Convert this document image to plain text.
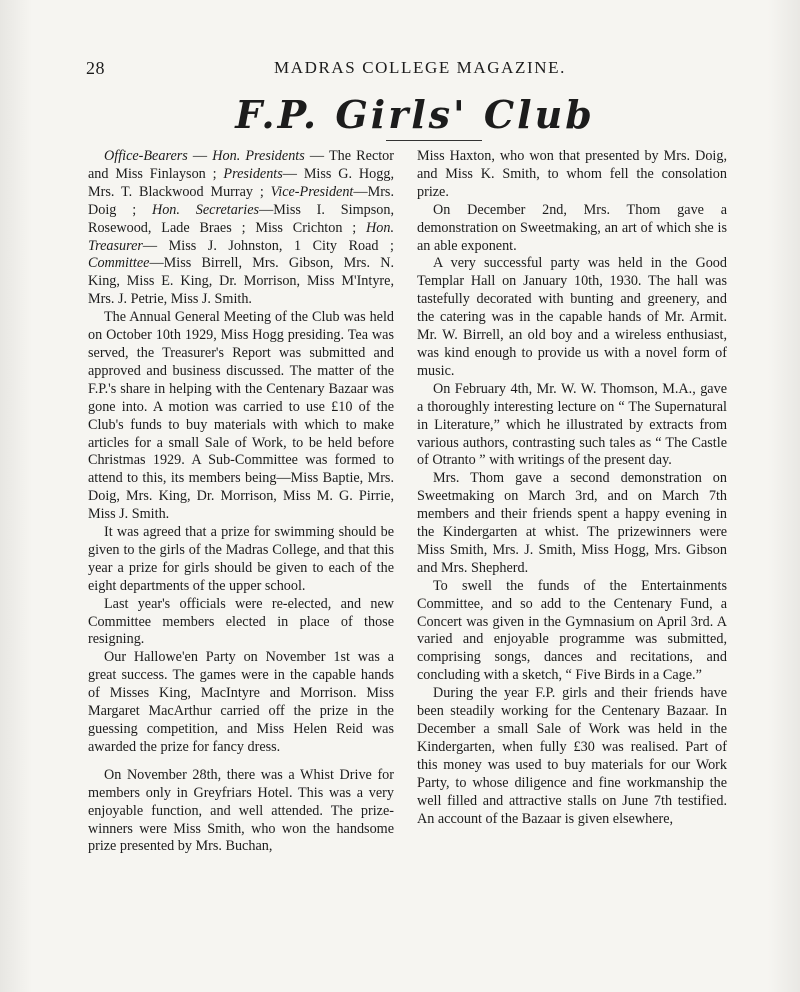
28	MADRAS COLLEGE MAGAZINE.
F.P. Girls' Club

Office-Bearers — Hon. Presidents — The Rector and Miss Finlayson ; Presidents— Miss G. Hogg, Mrs. T. Blackwood Murray ; Vice-President—Mrs. Doig ; Hon. Secretaries—Miss I. Simpson, Rosewood, Lade Braes ; Miss Crichton ; Hon. Treasurer— Miss J. Johnston, 1 City Road ; Committee—Miss Birrell, Mrs. Gibson, Mrs. N. King, Miss E. King, Dr. Morrison, Miss M'Intyre, Mrs. J. Petrie, Miss J. Smith.

The Annual General Meeting of the Club was held on October 10th 1929, Miss Hogg presiding. Tea was served, the Treasurer's Report was submitted and approved and business discussed. The matter of the F.P.'s share in helping with the Centenary Bazaar was gone into. A motion was carried to use £10 of the Club's funds to buy materials with which to make articles for a small Sale of Work, to be held before Christmas 1929. A Sub-Committee was formed to attend to this, its members being—Miss Baptie, Mrs. Doig, Mrs. King, Dr. Morrison, Miss M. G. Pirrie, Miss J. Smith.

It was agreed that a prize for swimming should be given to the girls of the Madras College, and that this year a prize for girls should be given to each of the eight departments of the upper school.

Last year's officials were re-elected, and new Committee members elected in place of those resigning.

Our Hallowe'en Party on November 1st was a great success. The games were in the capable hands of Misses King, MacIntyre and Morrison. Miss Margaret MacArthur carried off the prize in the guessing competition, and Miss Helen Reid was awarded the prize for fancy dress.

On November 28th, there was a Whist Drive for members only in Greyfriars Hotel. This was a very enjoyable function, and well attended. The prize-winners were Miss Smith, who won the handsome prize presented by Mrs. Buchan,

Miss Haxton, who won that presented by Mrs. Doig, and Miss K. Smith, to whom fell the consolation prize.

On December 2nd, Mrs. Thom gave a demonstration on Sweetmaking, an art of which she is an able exponent.

A very successful party was held in the Good Templar Hall on January 10th, 1930. The hall was tastefully decorated with bunting and greenery, and the catering was in the capable hands of Mr. Armit. Mr. W. Birrell, an old boy and a wireless enthusiast, was kind enough to provide us with a novel form of music.

On February 4th, Mr. W. W. Thomson, M.A., gave a thoroughly interesting lecture on “ The Supernatural in Literature,” which he illustrated by extracts from various authors, contrasting such tales as “ The Castle of Otranto ” with writings of the present day.

Mrs. Thom gave a second demonstration on Sweetmaking on March 3rd, and on March 7th members and their friends spent a happy evening in the Kindergarten at whist. The prizewinners were Miss Smith, Mrs. J. Smith, Miss Hogg, Mrs. Gibson and Mrs. Shepherd.

To swell the funds of the Entertainments Committee, and so add to the Centenary Fund, a Concert was given in the Gymnasium on April 3rd. A varied and enjoyable programme was submitted, comprising songs, dances and recitations, and concluding with a sketch, “ Five Birds in a Cage.”

During the year F.P. girls and their friends have been steadily working for the Centenary Bazaar. In December a small Sale of Work was held in the Kindergarten, when fully £30 was realised. Part of this money was used to buy materials for our Work Party, to whose diligence and fine workmanship the well filled and attractive stalls on June 7th testified. An account of the Bazaar is given elsewhere,
